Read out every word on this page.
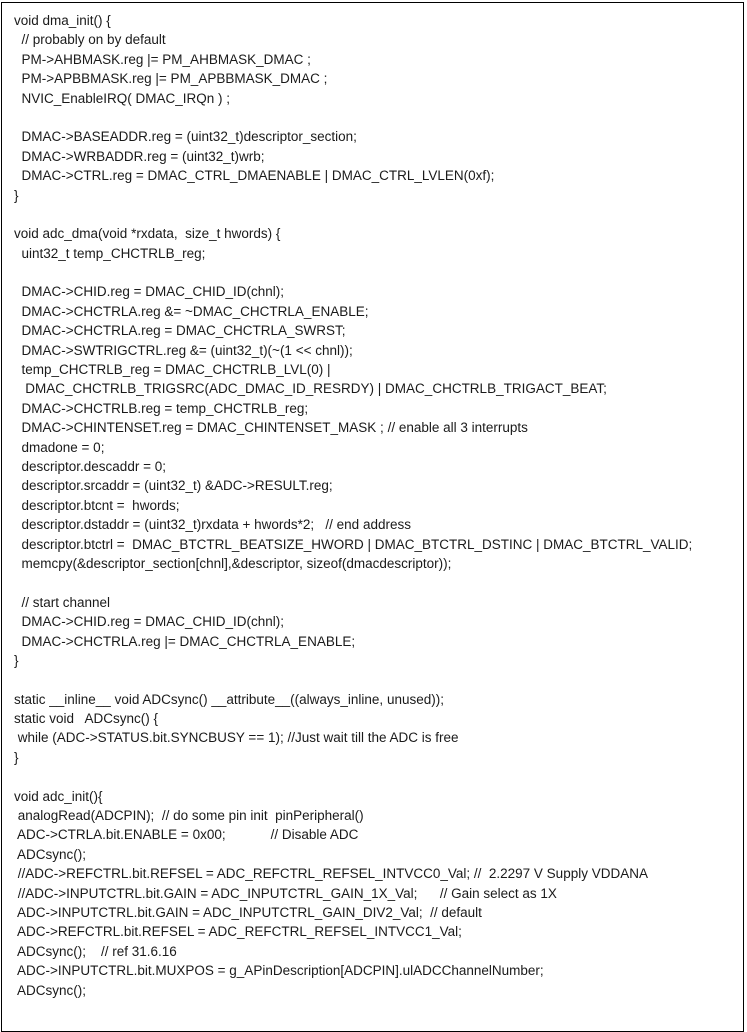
void dma_init() {
// probably on by default
PM->AHBMASK.reg |= PM_AHBMASK_DMAC ;
PM->APBBMASK.reg |= PM_APBBMASK_DMAC ;
NVIC_EnableIRQ( DMAC_IRQn ) ;
DMAC->BASEADDR.reg = (uint32_t)descriptor_section;
DMAC->WRBADDR.reg = (uint32_t)wrb;
DMAC->CTRL.reg = DMAC_CTRL_DMAENABLE | DMAC_CTRL_LVLEN(0xf);
}
void adc_dma(void *rxdata,  size_t hwords) {
uint32_t temp_CHCTRLB_reg;
DMAC->CHID.reg = DMAC_CHID_ID(chnl);
DMAC->CHCTRLA.reg &= ~DMAC_CHCTRLA_ENABLE;
DMAC->CHCTRLA.reg = DMAC_CHCTRLA_SWRST;
DMAC->SWTRIGCTRL.reg &= (uint32_t)(~(1 << chnl));
temp_CHCTRLB_reg = DMAC_CHCTRLB_LVL(0) |
DMAC_CHCTRLB_TRIGSRC(ADC_DMAC_ID_RESRDY) | DMAC_CHCTRLB_TRIGACT_BEAT;
DMAC->CHCTRLB.reg = temp_CHCTRLB_reg;
DMAC->CHINTENSET.reg = DMAC_CHINTENSET_MASK ; // enable all 3 interrupts
dmadone = 0;
descriptor.descaddr = 0;
descriptor.srcaddr = (uint32_t) &ADC->RESULT.reg;
descriptor.btcnt =  hwords;
descriptor.dstaddr = (uint32_t)rxdata + hwords*2;   // end address
descriptor.btctrl =  DMAC_BTCTRL_BEATSIZE_HWORD | DMAC_BTCTRL_DSTINC | DMAC_BTCTRL_VALID;
memcpy(&descriptor_section[chnl],&descriptor, sizeof(dmacdescriptor));
// start channel
DMAC->CHID.reg = DMAC_CHID_ID(chnl);
DMAC->CHCTRLA.reg |= DMAC_CHCTRLA_ENABLE;
}
static __inline__ void ADCsync() __attribute__((always_inline, unused));
static void   ADCsync() {
while (ADC->STATUS.bit.SYNCBUSY == 1); //Just wait till the ADC is free
}
void adc_init(){
analogRead(ADCPIN);  // do some pin init  pinPeripheral()
ADC->CTRLA.bit.ENABLE = 0x00;            // Disable ADC
ADCsync();
//ADC->REFCTRL.bit.REFSEL = ADC_REFCTRL_REFSEL_INTVCC0_Val; //  2.2297 V Supply VDDANA
//ADC->INPUTCTRL.bit.GAIN = ADC_INPUTCTRL_GAIN_1X_Val;      // Gain select as 1X
ADC->INPUTCTRL.bit.GAIN = ADC_INPUTCTRL_GAIN_DIV2_Val;  // default
ADC->REFCTRL.bit.REFSEL = ADC_REFCTRL_REFSEL_INTVCC1_Val;
ADCsync();    // ref 31.6.16
ADC->INPUTCTRL.bit.MUXPOS = g_APinDescription[ADCPIN].ulADCChannelNumber;
ADCsync();
